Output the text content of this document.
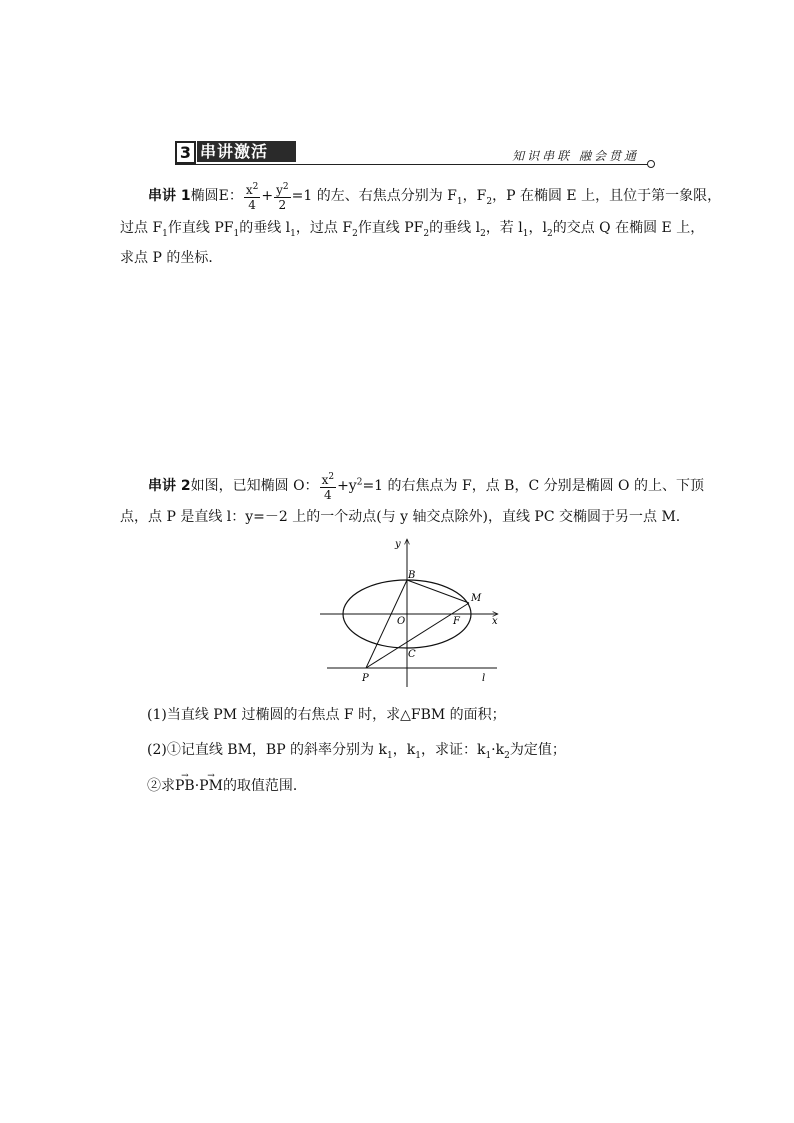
3 串讲激活	知识串联 融会贯通
串讲 1椭圆E： $\frac{x^2}{4} + \frac{y^2}{2} =1$ 的左、右焦点分别为 $F_1$，$F_2$，P 在椭圆 E 上，且位于第一象限，
过点 $F_1$作直线 $PF_1$的垂线 $l_1$，过点 $F_2$作直线 $PF_2$的垂线 $l_2$，若 $l_1$，$l_2$的交点 Q 在椭圆 E 上，
求点 P 的坐标．
串讲 2如图，已知椭圆 O： $\frac{x^2}{4} +y^2=1$ 的右焦点为 F，点 B，C 分别是椭圆 O 的上、下顶
点，点 P 是直线 l：y=－2 上的一个动点(与 y 轴交点除外)，直线 PC 交椭圆于另一点 M.
y
x
B
M
O	F
C
P	l
(1)当直线 PM 过椭圆的右焦点 F 时，求△FBM 的面积；
(2)①记直线 BM，BP 的斜率分别为 $k_1$，$k_1$，求证：$k_1\cdot k_2$为定值；
②求→ PB·→ PM的取值范围．
